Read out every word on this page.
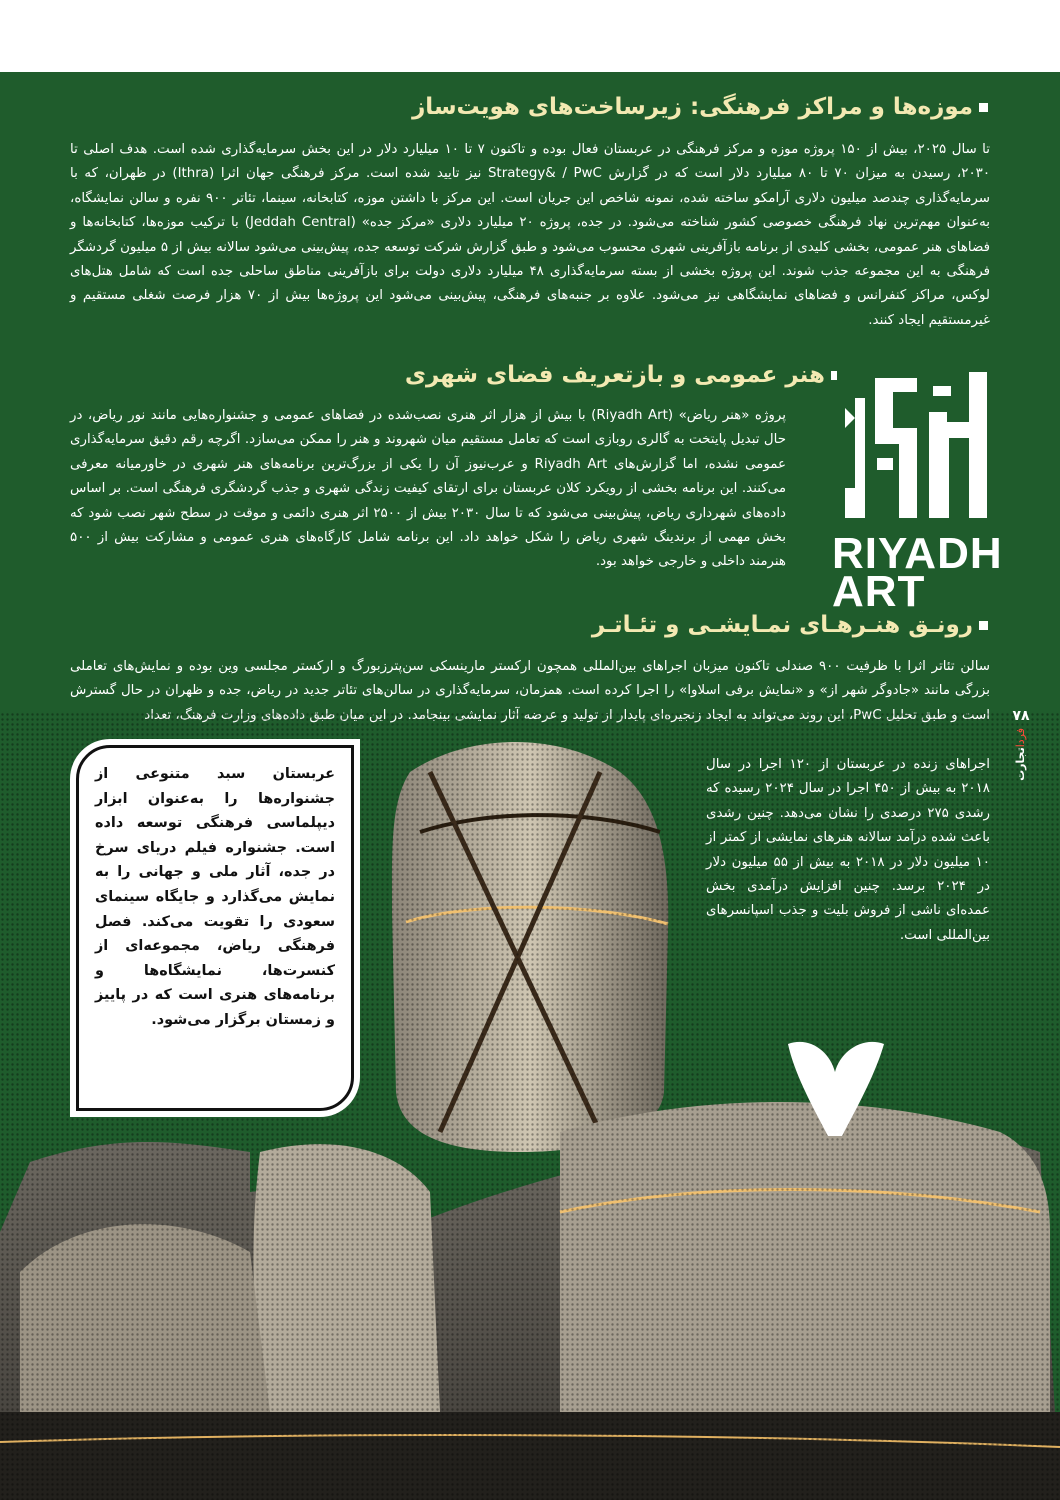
موزه‌ها و مراکز فرهنگی: زیرساخت‌های هویت‌ساز

تا سال ۲۰۲۵، بیش از ۱۵۰ پروژه موزه و مرکز فرهنگی در عربستان فعال بوده و تاکنون ۷ تا ۱۰ میلیارد دلار در این بخش سرمایه‌گذاری شده است. هدف اصلی تا ۲۰۳۰، رسیدن به میزان ۷۰ تا ۸۰ میلیارد دلار است که در گزارش Strategy& / PwC نیز تایید شده است. مرکز فرهنگی جهان اثرا (Ithra) در ظهران، که با سرمایه‌گذاری چندصد میلیون دلاری آرامکو ساخته شده، نمونه شاخص این جریان است. این مرکز با داشتن موزه، کتابخانه، سینما، تئاتر ۹۰۰ نفره و سالن نمایشگاه، به‌عنوان مهم‌ترین نهاد فرهنگی خصوصی کشور شناخته می‌شود. در جده، پروژه ۲۰ میلیارد دلاری «مرکز جده» (Jeddah Central) با ترکیب موزه‌ها، کتابخانه‌ها و فضاهای هنر عمومی، بخشی کلیدی از برنامه بازآفرینی شهری محسوب می‌شود و طبق گزارش شرکت توسعه جده، پیش‌بینی می‌شود سالانه بیش از ۵ میلیون گردشگر فرهنگی به این مجموعه جذب شوند. این پروژه بخشی از بسته سرمایه‌گذاری ۴۸ میلیارد دلاری دولت برای بازآفرینی مناطق ساحلی جده است که شامل هتل‌های لوکس، مراکز کنفرانس و فضاهای نمایشگاهی نیز می‌شود. علاوه بر جنبه‌های فرهنگی، پیش‌بینی می‌شود این پروژه‌ها بیش از ۷۰ هزار فرصت شغلی مستقیم و غیرمستقیم ایجاد کنند.

هنر عمومی و بازتعریف فضای شهری

پروژه «هنر ریاض» (Riyadh Art) با بیش از هزار اثر هنری نصب‌شده در فضاهای عمومی و جشنواره‌هایی مانند نور ریاض، در حال تبدیل پایتخت به گالری روبازی است که تعامل مستقیم میان شهروند و هنر را ممکن می‌سازد. اگرچه رقم دقیق سرمایه‌گذاری عمومی نشده، اما گزارش‌های Riyadh Art و عرب‌نیوز آن را یکی از بزرگ‌ترین برنامه‌های هنر شهری در خاورمیانه معرفی می‌کنند. این برنامه بخشی از رویکرد کلان عربستان برای ارتقای کیفیت زندگی شهری و جذب گردشگری فرهنگی است. بر اساس داده‌های شهرداری ریاض، پیش‌بینی می‌شود که تا سال ۲۰۳۰ بیش از ۲۵۰۰ اثر هنری دائمی و موقت در سطح شهر نصب شود که بخش مهمی از برندینگ شهری ریاض را شکل خواهد داد. این برنامه شامل کارگاه‌های هنری عمومی و مشارکت بیش از ۵۰۰ هنرمند داخلی و خارجی خواهد بود. RIYADH
ART
رونـق هنـرهـای نمـایشـی و تئـاتـر

سالن تئاتر اثرا با ظرفیت ۹۰۰ صندلی تاکنون میزبان اجراهای بین‌المللی همچون ارکستر مارینسکی سن‌پترزبورگ و ارکستر مجلسی وین بوده و نمایش‌های تعاملی بزرگی مانند «جادوگر شهر از» و «نمایش برفی اسلاوا» را اجرا کرده است. همزمان، سرمایه‌گذاری در سالن‌های تئاتر جدید در ریاض، جده و ظهران در حال گسترش

اجراهای زنده در عربستان از ۱۲۰ اجرا در سال ۲۰۱۸ به بیش از ۴۵۰ اجرا در سال ۲۰۲۴ رسیده که رشدی ۲۷۵ درصدی را نشان می‌دهد. چنین رشدی باعث شده درآمد سالانه هنرهای نمایشی از کمتر از ۱۰ میلیون دلار در ۲۰۱۸ به بیش از ۵۵ میلیون دلار در ۲۰۲۴ برسد. چنین افزایش درآمدی بخش عمده‌ای ناشی از فروش بلیت و جذب اسپانسرهای بین‌المللی است.

عربستان سبد متنوعی از جشنواره‌ها را به‌عنوان ابزار دیپلماسی فرهنگی توسعه داده است. جشنواره فیلم دریای سرخ در جده، آثار ملی و جهانی را به نمایش می‌گذارد و جایگاه سینمای سعودی را تقویت می‌کند. فصل فرهنگی ریاض، مجموعه‌ای از کنسرت‌ها، نمایشگاه‌ها و برنامه‌های هنری است که در پاییز و زمستان برگزار می‌شود.

۷۸
فرداتجارت
